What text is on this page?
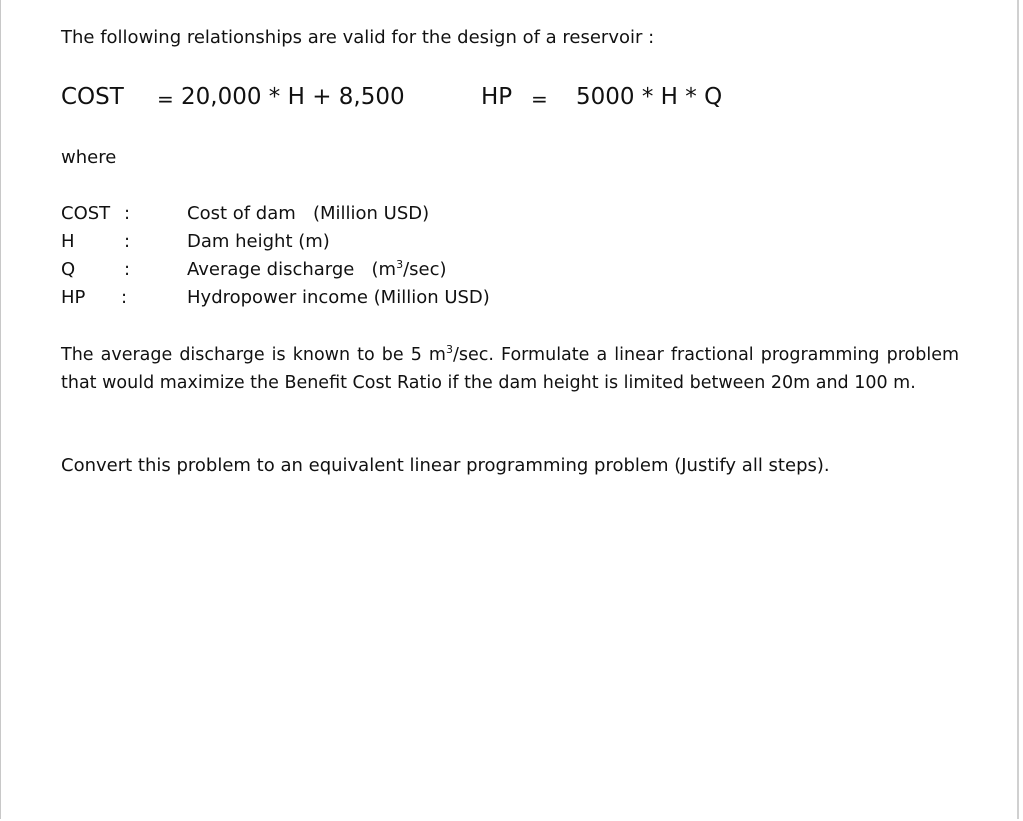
The following relationships are valid for the design of a reservoir :
COST = 20,000 * H + 8,500	HP = 5000 * H * Q
where
COST :	Cost of dam   (Million USD)
H	:	Dam height (m)
Q	:	Average discharge   $(m^3/\sec)$
HP :	Hydropower income (Million USD)
The average discharge is known to be 5 $m^3/\sec$. Formulate a linear fractional programming problem that would maximize the Benefit Cost Ratio if the dam height is limited between 20m and 100 m.
Convert this problem to an equivalent linear programming problem (Justify all steps).
